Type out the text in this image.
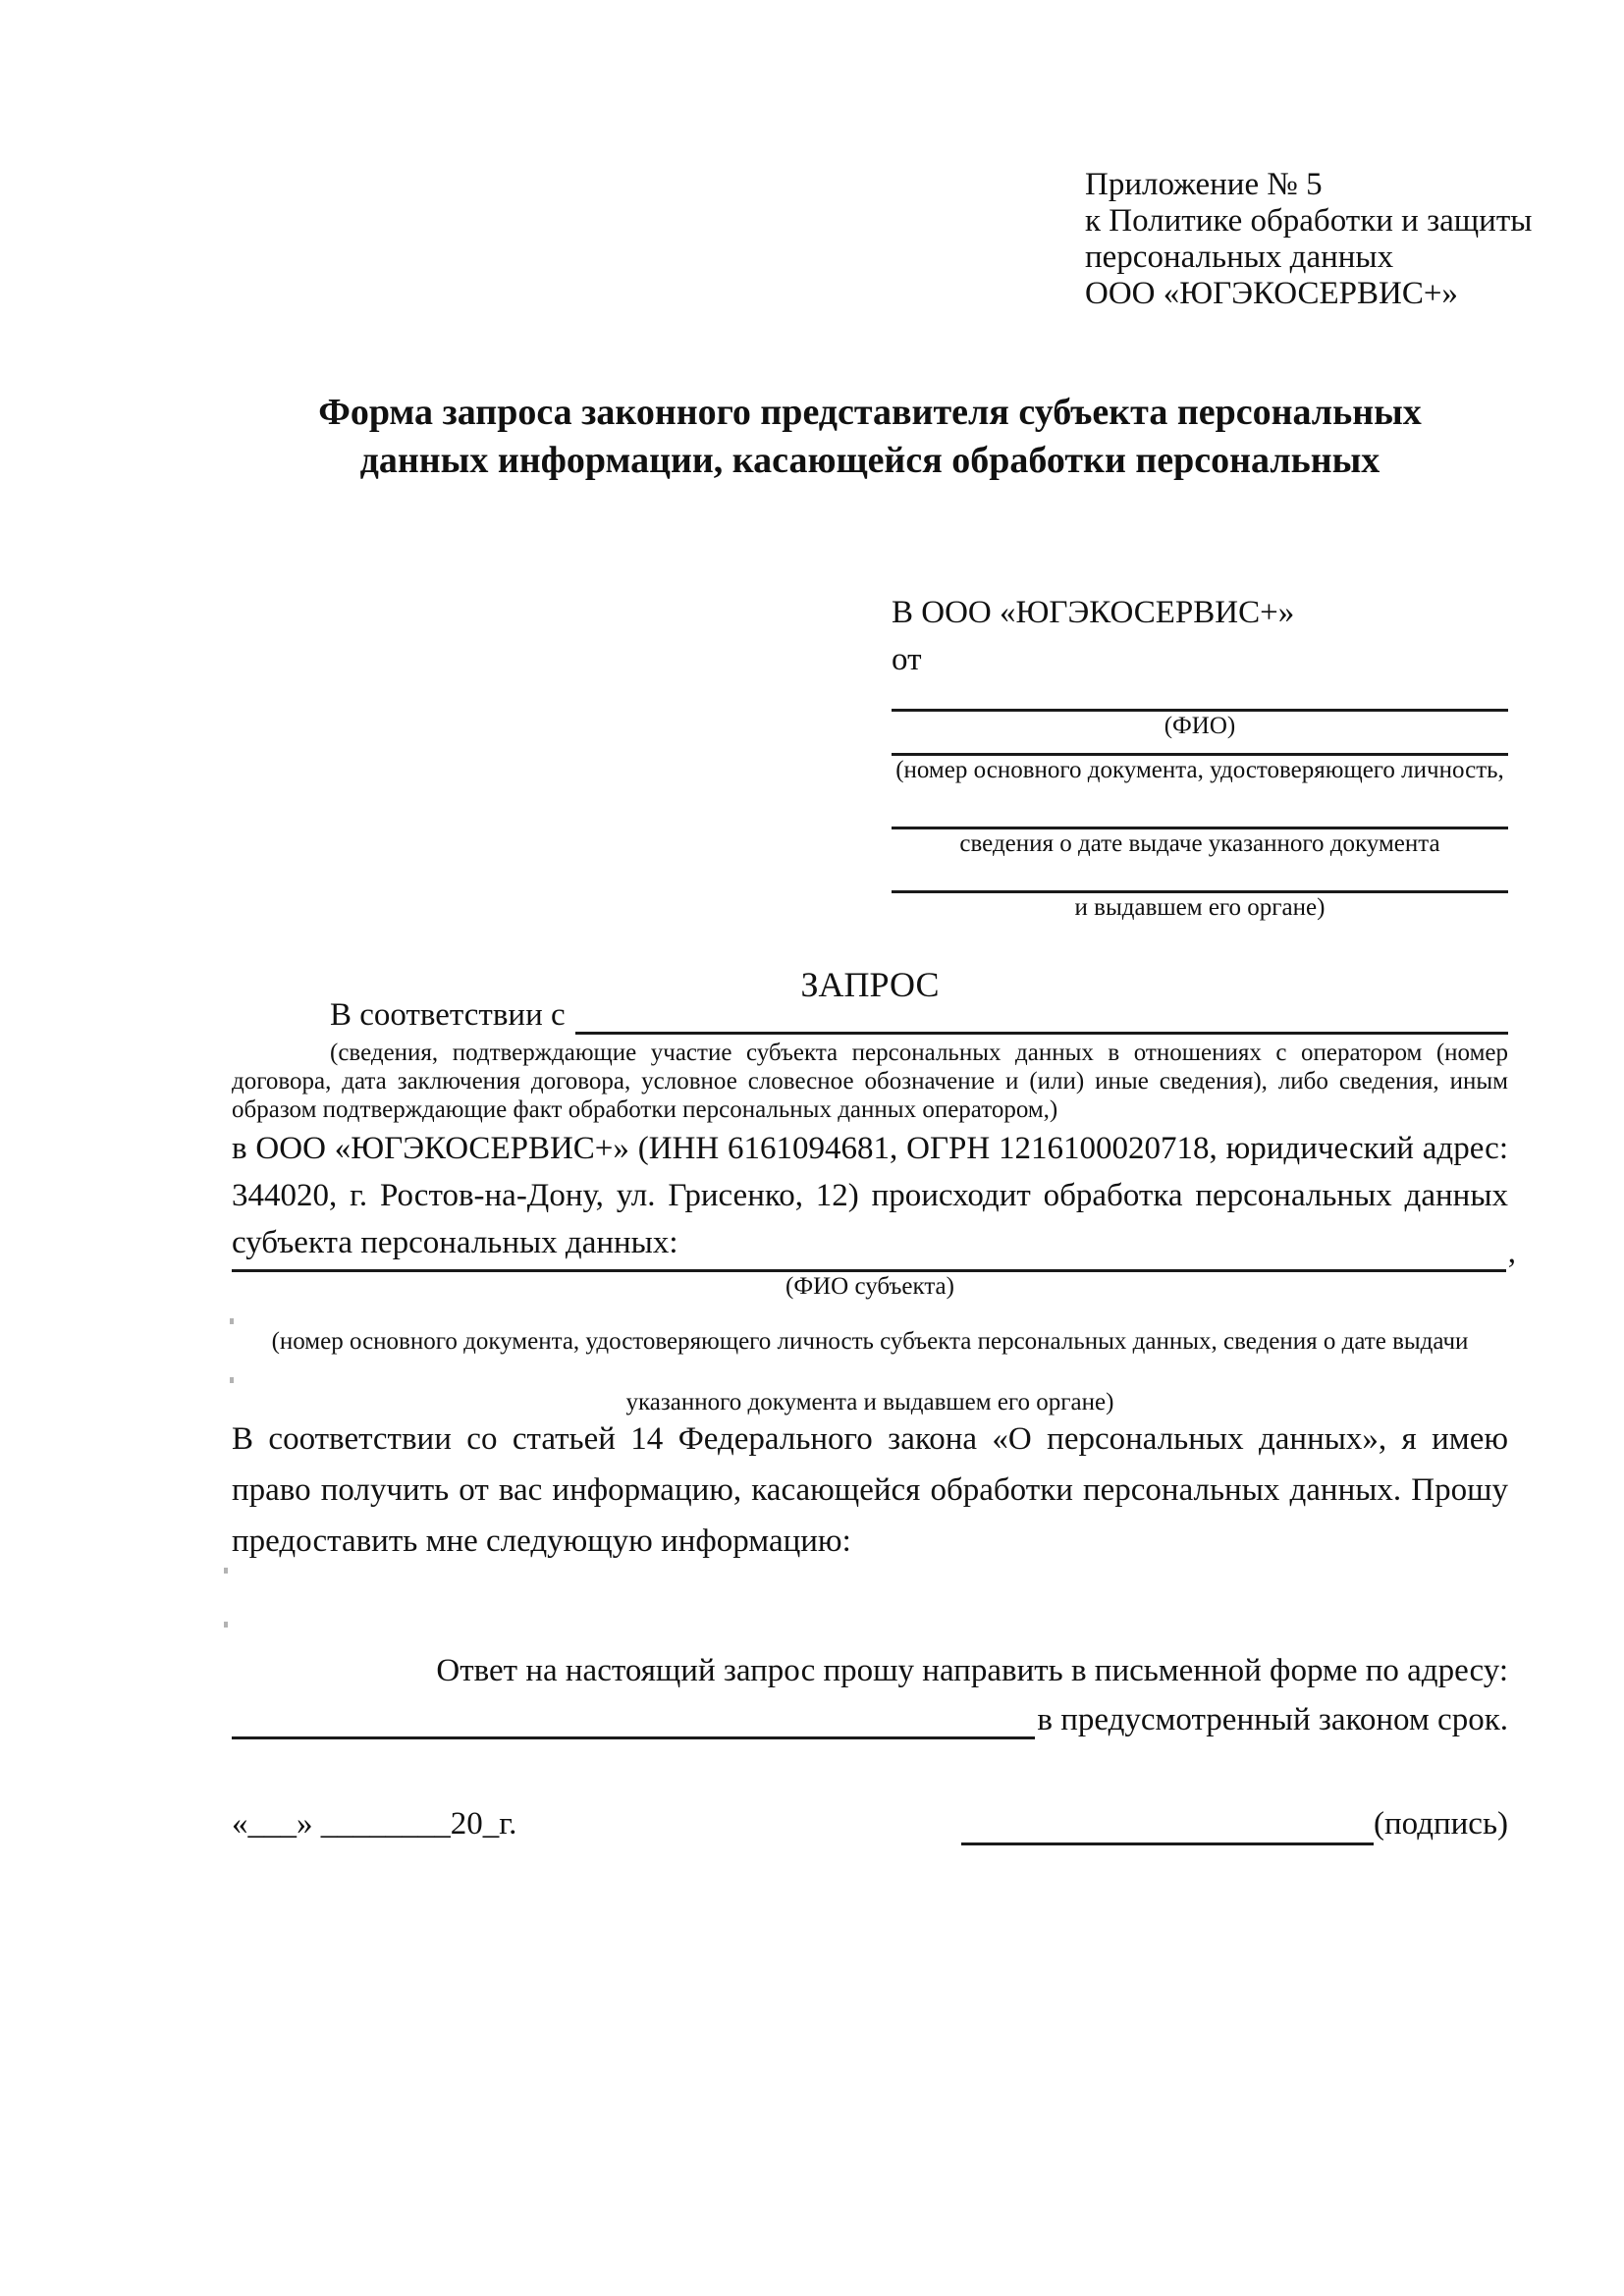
Приложение № 5
к Политике обработки и защиты
персональных данных
ООО «ЮГЭКОСЕРВИС+»
Форма запроса законного представителя субъекта персональных
данных информации, касающейся обработки персональных
В ООО «ЮГЭКОСЕРВИС+»
от
(ФИО)
(номер основного документа, удостоверяющего личность,
сведения о дате выдаче указанного документа
и выдавшем его органе)
ЗАПРОС
В соответствии с
(сведения, подтверждающие участие субъекта персональных данных в отношениях с оператором (номер договора, дата заключения договора, условное словесное обозначение и (или) иные сведения), либо сведения, иным образом подтверждающие факт обработки персональных данных оператором,)
в ООО «ЮГЭКОСЕРВИС+» (ИНН 6161094681, ОГРН 1216100020718, юридический адрес: 344020, г. Ростов-на-Дону, ул. Грисенко, 12) происходит обработка персональных данных субъекта персональных данных:	,
(ФИО субъекта)
(номер основного документа, удостоверяющего личность субъекта персональных данных, сведения о дате выдачи
указанного документа и выдавшем его органе)
В соответствии со статьей 14 Федерального закона «О персональных данных», я имею право получить от вас информацию, касающейся обработки персональных данных. Прошу предоставить мне следующую информацию:
Ответ на настоящий запрос прошу направить в письменной форме по адресу:
в предусмотренный законом срок.
«___» ________20_г.	(подпись)
